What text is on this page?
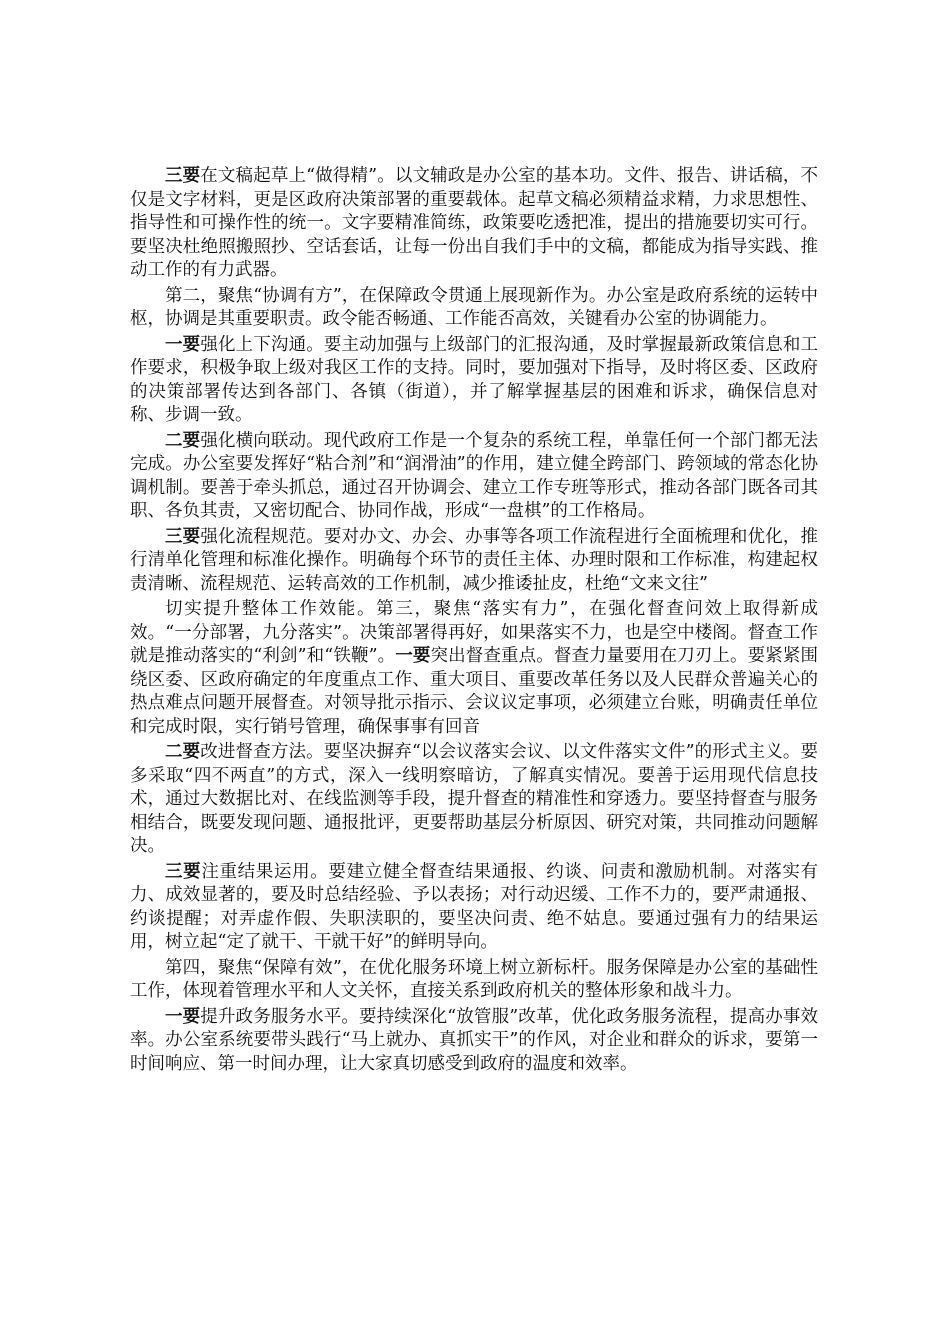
三要在文稿起草上“做得精”。以文辅政是办公室的基本功。文件、报告、讲话稿，不仅是文字材料，更是区政府决策部署的重要载体。起草文稿必须精益求精，力求思想性、指导性和可操作性的统一。文字要精准简练，政策要吃透把准，提出的措施要切实可行。要坚决杜绝照搬照抄、空话套话，让每一份出自我们手中的文稿，都能成为指导实践、推动工作的有力武器。

第二，聚焦“协调有方”，在保障政令贯通上展现新作为。办公室是政府系统的运转中枢，协调是其重要职责。政令能否畅通、工作能否高效，关键看办公室的协调能力。

一要强化上下沟通。要主动加强与上级部门的汇报沟通，及时掌握最新政策信息和工作要求，积极争取上级对我区工作的支持。同时，要加强对下指导，及时将区委、区政府的决策部署传达到各部门、各镇（街道），并了解掌握基层的困难和诉求，确保信息对称、步调一致。

二要强化横向联动。现代政府工作是一个复杂的系统工程，单靠任何一个部门都无法完成。办公室要发挥好“粘合剂”和“润滑油”的作用，建立健全跨部门、跨领域的常态化协调机制。要善于牵头抓总，通过召开协调会、建立工作专班等形式，推动各部门既各司其职、各负其责，又密切配合、协同作战，形成“一盘棋”的工作格局。

三要强化流程规范。要对办文、办会、办事等各项工作流程进行全面梳理和优化，推行清单化管理和标准化操作。明确每个环节的责任主体、办理时限和工作标准，构建起权责清晰、流程规范、运转高效的工作机制，减少推诿扯皮，杜绝“文来文往”

切实提升整体工作效能。第三，聚焦“落实有力”，在强化督查问效上取得新成效。“一分部署，九分落实”。决策部署得再好，如果落实不力，也是空中楼阁。督查工作就是推动落实的“利剑”和“铁鞭”。一要突出督查重点。督查力量要用在刀刃上。要紧紧围绕区委、区政府确定的年度重点工作、重大项目、重要改革任务以及人民群众普遍关心的热点难点问题开展督查。对领导批示指示、会议议定事项，必须建立台账，明确责任单位和完成时限，实行销号管理，确保事事有回音

二要改进督查方法。要坚决摒弃“以会议落实会议、以文件落实文件”的形式主义。要多采取“四不两直”的方式，深入一线明察暗访，了解真实情况。要善于运用现代信息技术，通过大数据比对、在线监测等手段，提升督查的精准性和穿透力。要坚持督查与服务相结合，既要发现问题、通报批评，更要帮助基层分析原因、研究对策，共同推动问题解决。

三要注重结果运用。要建立健全督查结果通报、约谈、问责和激励机制。对落实有力、成效显著的，要及时总结经验、予以表扬；对行动迟缓、工作不力的，要严肃通报、约谈提醒；对弄虚作假、失职渎职的，要坚决问责、绝不姑息。要通过强有力的结果运用，树立起“定了就干、干就干好”的鲜明导向。

第四，聚焦“保障有效”，在优化服务环境上树立新标杆。服务保障是办公室的基础性工作，体现着管理水平和人文关怀，直接关系到政府机关的整体形象和战斗力。

一要提升政务服务水平。要持续深化“放管服”改革，优化政务服务流程，提高办事效率。办公室系统要带头践行“马上就办、真抓实干”的作风，对企业和群众的诉求，要第一时间响应、第一时间办理，让大家真切感受到政府的温度和效率。
